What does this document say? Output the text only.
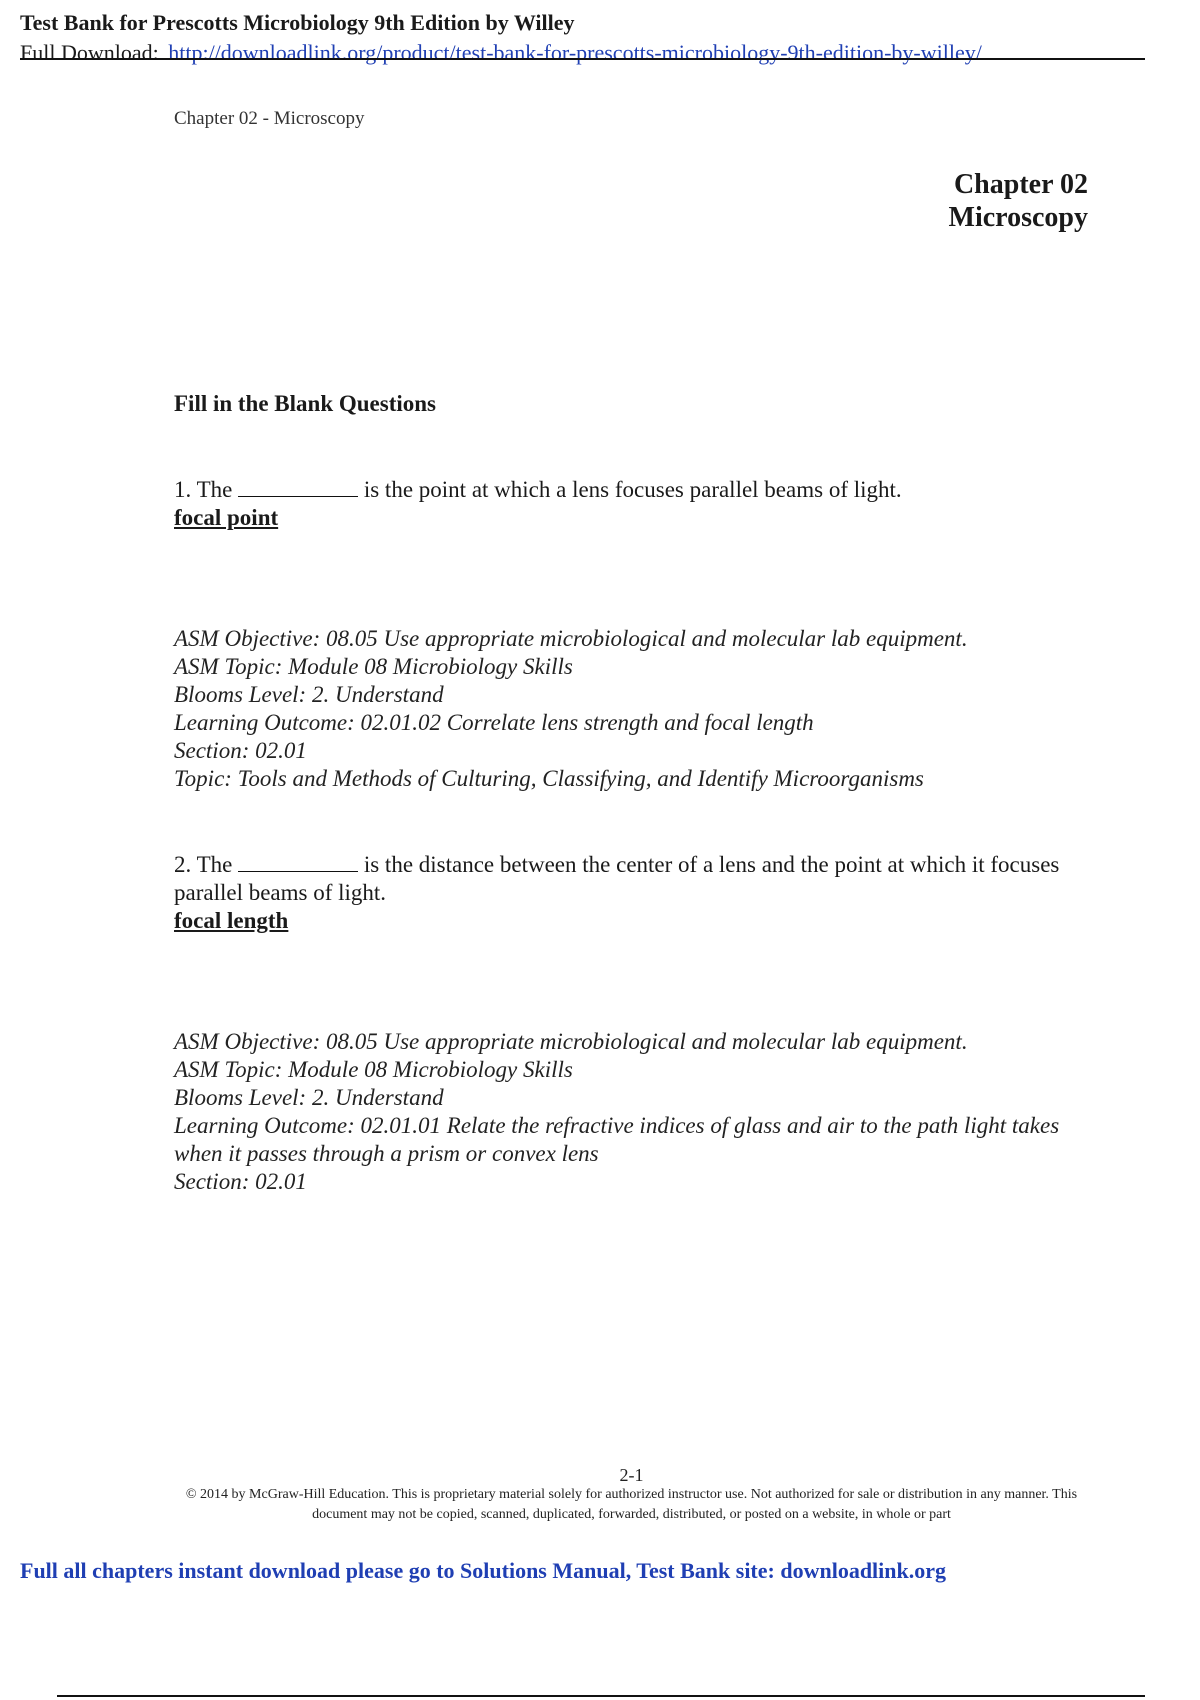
Test Bank for Prescotts Microbiology 9th Edition by Willey
Full Download: http://downloadlink.org/product/test-bank-for-prescotts-microbiology-9th-edition-by-willey/
Chapter 02 - Microscopy
Chapter 02
Microscopy

Fill in the Blank Questions

1. The	is the point at which a lens focuses parallel beams of light.

focal point
ASM Objective: 08.05 Use appropriate microbiological and molecular lab equipment.
ASM Topic: Module 08 Microbiology Skills
Blooms Level: 2. Understand
Learning Outcome: 02.01.02 Correlate lens strength and focal length
Section: 02.01
Topic: Tools and Methods of Culturing, Classifying, and Identify Microorganisms

2. The	is the distance between the center of a lens and the point at which it focuses parallel beams of light.

focal length
ASM Objective: 08.05 Use appropriate microbiological and molecular lab equipment.
ASM Topic: Module 08 Microbiology Skills
Blooms Level: 2. Understand
Learning Outcome: 02.01.01 Relate the refractive indices of glass and air to the path light takes when it passes through a prism or convex lens
Section: 02.01
2-1
© 2014 by McGraw-Hill Education. This is proprietary material solely for authorized instructor use. Not authorized for sale or distribution in any manner. This document may not be copied, scanned, duplicated, forwarded, distributed, or posted on a website, in whole or part
Full all chapters instant download please go to Solutions Manual, Test Bank site: downloadlink.org
